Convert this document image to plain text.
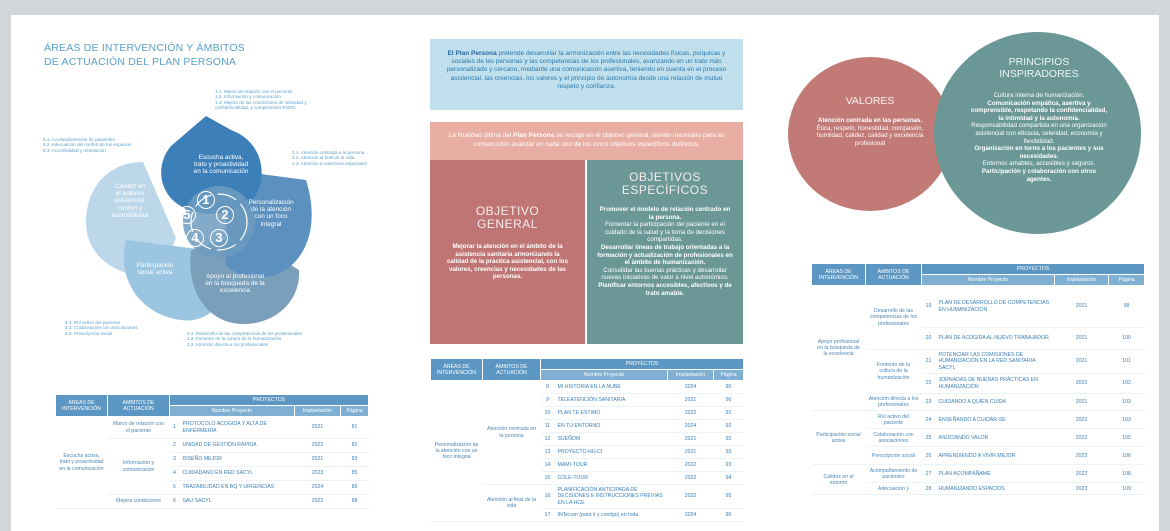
ÁREAS DE INTERVENCIÓN Y ÁMBITOS
DE ACTUACIÓN DEL PLAN PERSONA
Escucha activa,
trato y proactividad
en la comunicación
Personalización
de la atención
con un foco
integral
Apoyo al profesional
en la búsqueda de la
excelencia
Participación
social activa
Calidez en
el entorno
asistencial,
confort y
accesibilidad
1
2
3
4
5
1.1. Marco de relación con el paciente
1.2. Información y comunicación
1.3. Mejora de las condiciones de intimidad y
confidencialidad, y cumplimiento RGPD
2.1. Atención centrada a la persona
2.2. Atención al final de la vida
2.3. Atención a colectivos especiales
3.1. Desarrollo de las competencias de los profesionales
3.2. Fomento de la cultura de la humanización
3.3. Atención directa a los profesionales
4.1. Rol activo del paciente
4.2. Colaboración con asociaciones
4.3. Prescripción social
5.1. Acompañamiento de pacientes
5.2. Adecuación del confort de los espacios
5.3. Accesibilidad y orientación
ÁREAS DE INTERVENCIÓN	ÁMBITOS DE ACTUACIÓN	PROYECTOS			
		Nombre Proyecto		Implantación	Página
Escucha activa, trato y proactividad en la comunicación	Marco de relación con el paciente	1	PROTOCOLO ACOGIDA Y ALTA DE ENFERMERÍA	2021	81
	Información y comunicación	2	UNIDAD DE GESTIÓN RÁPIDA	2022	82
		3	DISEÑO MEJOR	2021	83
		4	CUIDADANO EN RED SACYL	2023	85
		5	TRAZABILIDAD EN BQ Y URGENCIAS	2024	86
	Mejora condiciones	6	SAU SACYL	2022	88
El Plan Persona pretende desarrollar la armonización entre las necesidades físicas, psíquicas y sociales de las personas y las competencias de los profesionales, avanzando en un trato más personalizado y cercano, mediante una comunicación asertiva, teniendo en cuenta en el proceso asistencial, las creencias, los valores y el principio de autonomía desde una relación de mutuo respeto y confianza.
La finalidad última del Plan Persona se recoge en el objetivo general, siendo necesario para su consecución avanzar en cada uno de los cinco objetivos específicos definidos.
OBJETIVO
GENERAL
Mejorar la atención en el ámbito de la asistencia sanitaria armonizando la calidad de la práctica asistencial, con los valores, creencias y necesidades de las personas.
OBJETIVOS
ESPECÍFICOS
Promover el modelo de relación centrado en la persona.
Fomentar la participación del paciente en el cuidado de la salud y la toma de decisiones compartidas.
Desarrollar líneas de trabajo orientadas a la formación y actualización de profesionales en el ámbito de humanización.
Consolidar las buenas prácticas y desarrollar nuevas iniciativas de valor a nivel autonómico.
Planificar entornos accesibles, afectivos y de trato amable.
ÁREAS DE INTERVENCIÓN	ÁMBITOS DE ACTUACIÓN	PROYECTOS			
		Nombre Proyecto		Implantación	Página
Personalización de la atención con un foco integral	Atención centrada en la persona	8	MI HISTORIA EN LA NUBE	2024	90
		9	TELEATENCIÓN SANITARIA	2021	90
		10	PLAN TE ESTIMO	2022	91
		11	EN TU ENTORNO	2024	92
		12	SUEÑOM	2021	92
		13	PROYECTO HU-CI	2021	93
		14	MAMI-TOUR	2022	93
		15	COLE-TOUR	2022	94
	Atención al final de la vida	16	PLANIFICACIÓN ANTICIPADA DE DECISIONES E INSTRUCCIONES PREVIAS EN LA HCE	2022	95
		17	INTecum (para ti y contigo) en toda	2024	96
VALORES
Atención centrada en las personas.
Ética, respeto, honestidad, compasión, humildad, calidez, calidad y excelencia profesional
PRINCIPIOS
INSPIRADORES
Cultura interna de humanización.
Comunicación empática, asertiva y comprensible, respetando la confidencialidad, la intimidad y la autonomía.
Responsabilidad compartida en una organización asistencial con eficacia, celeridad, economía y flexibilidad.
Organización en torno a los pacientes y sus necesidades.
Entornos amables, accesibles y seguros.
Participación y colaboración con otros agentes.
ÁREAS DE INTERVENCIÓN	ÁMBITOS DE ACTUACIÓN	PROYECTOS			
		Nombre Proyecto		Implantación	Página
Apoyo profesional en la búsqueda de la excelencia	Desarrollo de las competencias de los profesionales	19	PLAN DE DESARROLLO DE COMPETENCIAS EN HUMANIZACIÓN	2021	98
		20	PLAN DE ACOGIDA AL NUEVO TRABAJADOR	2021	100
	Fomento de la cultura de la humanización	21	POTENCIAR LAS COMISIONES DE HUMANIZACIÓN EN LA RED SANITARIA SACYL	2021	101
		22	JORNADAS DE BUENAS PRÁCTICAS EN HUMANIZACIÓN	2023	102
	Atención directa a los profesionales	23	CUIDANDO A QUIÉN CUIDA	2021	103
Participación social activa	Rol activo del paciente	24	ENSEÑANDO A CUIDAR-SE	2023	103
	Colaboración con asociaciones	25	ASOCIANDO VALOR	2022	105
	Prescripción social	26	APRENDIENDO A VIVIR MEJOR	2023	106
Calidez en el entorno	Acompañamiento de pacientes	27	PLAN ACOMPÁÑAME	2022	108
	Adecuación y	28	HUMANIZANDO ESPACIOS	2023	109
